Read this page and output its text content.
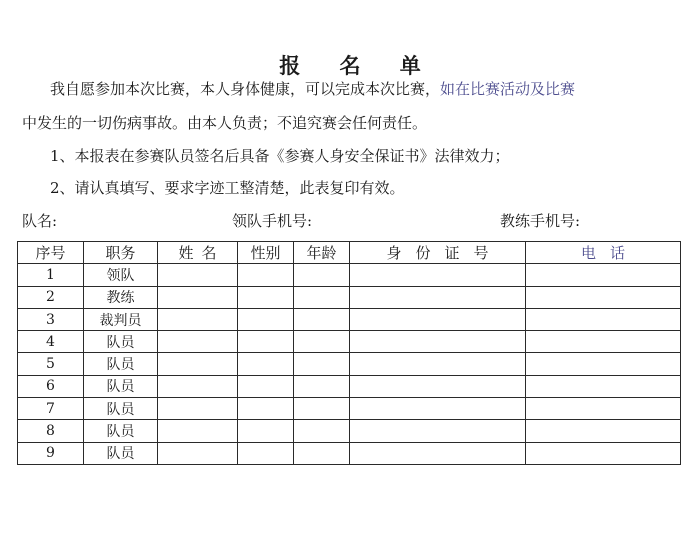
报 名 单
我自愿参加本次比赛，本人身体健康，可以完成本次比赛，如在比赛活动及比赛
中发生的一切伤病事故。由本人负责；不追究赛会任何责任。
1、本报表在参赛队员签名后具备《参赛人身安全保证书》法律效力；
2、请认真填写、要求字迹工整清楚，此表复印有效。
队名:	领队手机号:	教练手机号:
序号	职务	姓名	性别	年龄	身份证号	电话
1	领队					
2	教练					
3	裁判员					
4	队员					
5	队员					
6	队员					
7	队员					
8	队员					
9	队员					
